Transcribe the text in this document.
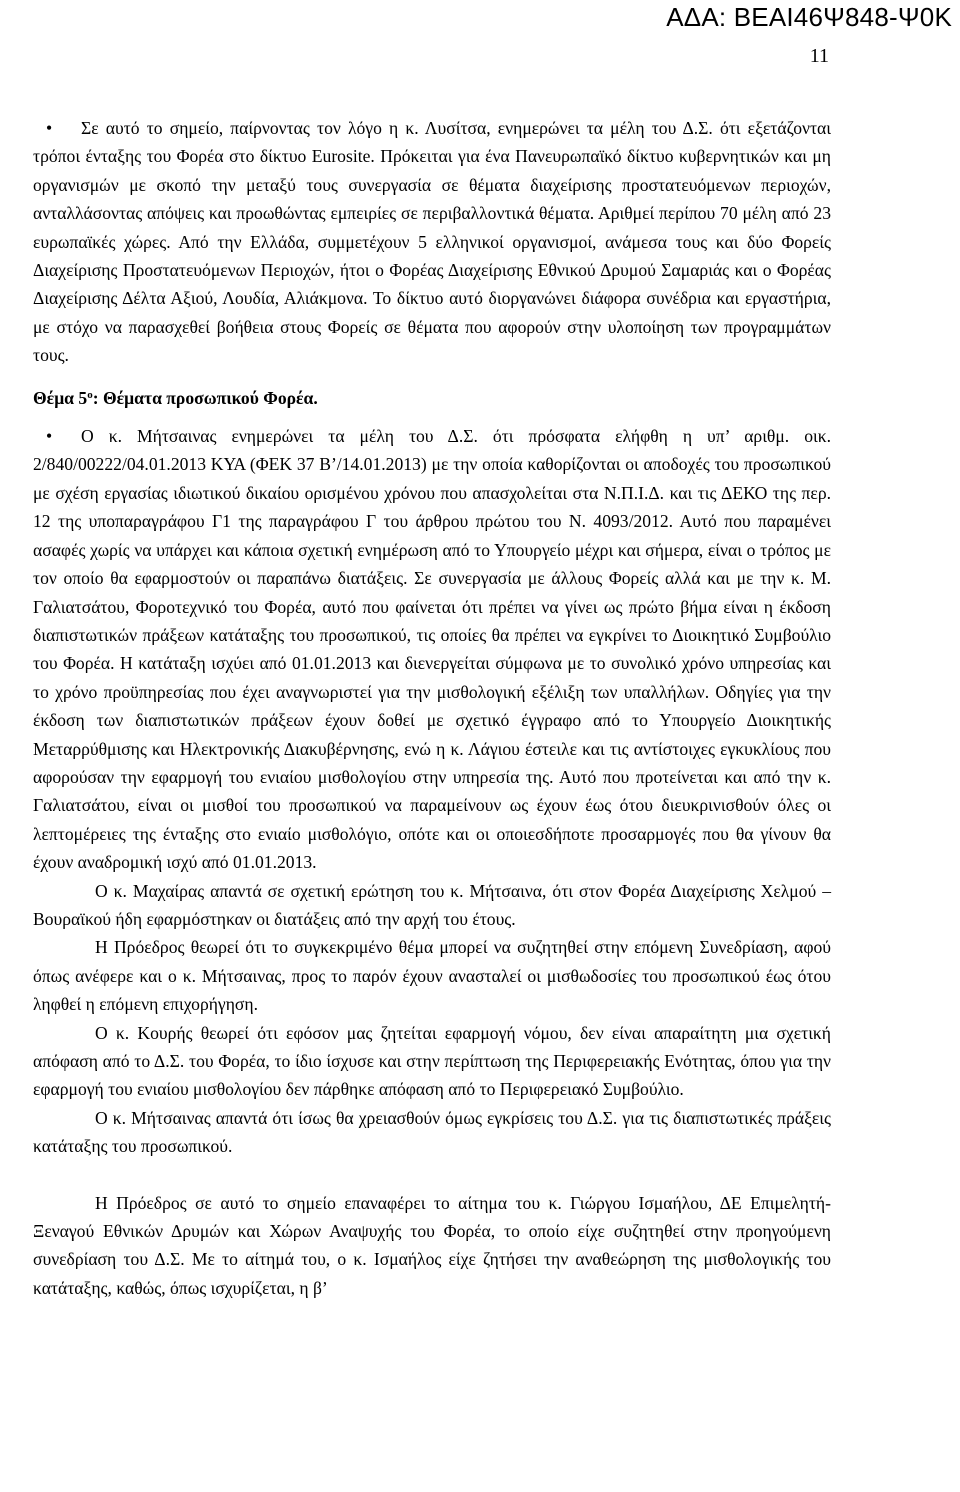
ΑΔΑ: ΒΕΑΙ46Ψ848-Ψ0Κ
11

• Σε αυτό το σημείο, παίρνοντας τον λόγο η κ. Λυσίτσα, ενημερώνει τα μέλη του Δ.Σ. ότι εξετάζονται τρόποι ένταξης του Φορέα στο δίκτυο Eurosite. Πρόκειται για ένα Πανευρωπαϊκό δίκτυο κυβερνητικών και μη οργανισμών με σκοπό την μεταξύ τους συνεργασία σε θέματα διαχείρισης προστατευόμενων περιοχών, ανταλλάσοντας απόψεις και προωθώντας εμπειρίες σε περιβαλλοντικά θέματα. Αριθμεί περίπου 70 μέλη από 23 ευρωπαϊκές χώρες. Από την Ελλάδα, συμμετέχουν 5 ελληνικοί οργανισμοί, ανάμεσα τους και δύο Φορείς Διαχείρισης Προστατευόμενων Περιοχών, ήτοι ο Φορέας Διαχείρισης Εθνικού Δρυμού Σαμαριάς και ο Φορέας Διαχείρισης Δέλτα Αξιού, Λουδία, Αλιάκμονα. Το δίκτυο αυτό διοργανώνει διάφορα συνέδρια και εργαστήρια, με στόχο να παρασχεθεί βοήθεια στους Φορείς σε θέματα που αφορούν στην υλοποίηση των προγραμμάτων τους.

Θέμα $5^o$: Θέματα προσωπικού Φορέα.

• Ο κ. Μήτσαινας ενημερώνει τα μέλη του Δ.Σ. ότι πρόσφατα ελήφθη η υπ’ αριθμ. οικ. 2/840/00222/04.01.2013 ΚΥΑ (ΦΕΚ 37 Β’/14.01.2013) με την οποία καθορίζονται οι αποδοχές του προσωπικού με σχέση εργασίας ιδιωτικού δικαίου ορισμένου χρόνου που απασχολείται στα Ν.Π.Ι.Δ. και τις ΔΕΚΟ της περ. 12 της υποπαραγράφου Γ1 της παραγράφου Γ του άρθρου πρώτου του Ν. 4093/2012. Αυτό που παραμένει ασαφές χωρίς να υπάρχει και κάποια σχετική ενημέρωση από το Υπουργείο μέχρι και σήμερα, είναι ο τρόπος με τον οποίο θα εφαρμοστούν οι παραπάνω διατάξεις. Σε συνεργασία με άλλους Φορείς αλλά και με την κ. Μ. Γαλιατσάτου, Φοροτεχνικό του Φορέα, αυτό που φαίνεται ότι πρέπει να γίνει ως πρώτο βήμα είναι η έκδοση διαπιστωτικών πράξεων κατάταξης του προσωπικού, τις οποίες θα πρέπει να εγκρίνει το Διοικητικό Συμβούλιο του Φορέα. Η κατάταξη ισχύει από 01.01.2013 και διενεργείται σύμφωνα με το συνολικό χρόνο υπηρεσίας και το χρόνο προϋπηρεσίας που έχει αναγνωριστεί για την μισθολογική εξέλιξη των υπαλλήλων. Οδηγίες για την έκδοση των διαπιστωτικών πράξεων έχουν δοθεί με σχετικό έγγραφο από το Υπουργείο Διοικητικής Μεταρρύθμισης και Ηλεκτρονικής Διακυβέρνησης, ενώ η κ. Λάγιου έστειλε και τις αντίστοιχες εγκυκλίους που αφορούσαν την εφαρμογή του ενιαίου μισθολογίου στην υπηρεσία της. Αυτό που προτείνεται και από την κ. Γαλιατσάτου, είναι οι μισθοί του προσωπικού να παραμείνουν ως έχουν έως ότου διευκρινισθούν όλες οι λεπτομέρειες της ένταξης στο ενιαίο μισθολόγιο, οπότε και οι οποιεσδήποτε προσαρμογές που θα γίνουν θα έχουν αναδρομική ισχύ από 01.01.2013.

Ο κ. Μαχαίρας απαντά σε σχετική ερώτηση του κ. Μήτσαινα, ότι στον Φορέα Διαχείρισης Χελμού – Βουραϊκού ήδη εφαρμόστηκαν οι διατάξεις από την αρχή του έτους.

Η Πρόεδρος θεωρεί ότι το συγκεκριμένο θέμα μπορεί να συζητηθεί στην επόμενη Συνεδρίαση, αφού όπως ανέφερε και ο κ. Μήτσαινας, προς το παρόν έχουν ανασταλεί οι μισθωδοσίες του προσωπικού έως ότου ληφθεί η επόμενη επιχορήγηση.

Ο κ. Κουρής θεωρεί ότι εφόσον μας ζητείται εφαρμογή νόμου, δεν είναι απαραίτητη μια σχετική απόφαση από το Δ.Σ. του Φορέα, το ίδιο ίσχυσε και στην περίπτωση της Περιφερειακής Ενότητας, όπου για την εφαρμογή του ενιαίου μισθολογίου δεν πάρθηκε απόφαση από το Περιφερειακό Συμβούλιο.

Ο κ. Μήτσαινας απαντά ότι ίσως θα χρειασθούν όμως εγκρίσεις του Δ.Σ. για τις διαπιστωτικές πράξεις κατάταξης του προσωπικού.

Η Πρόεδρος σε αυτό το σημείο επαναφέρει το αίτημα του κ. Γιώργου Ισμαήλου, ΔΕ Επιμελητή-Ξεναγού Εθνικών Δρυμών και Χώρων Αναψυχής του Φορέα, το οποίο είχε συζητηθεί στην προηγούμενη συνεδρίαση του Δ.Σ. Με το αίτημά του, ο κ. Ισμαήλος είχε ζητήσει την αναθεώρηση της μισθολογικής του κατάταξης, καθώς, όπως ισχυρίζεται, η β’
